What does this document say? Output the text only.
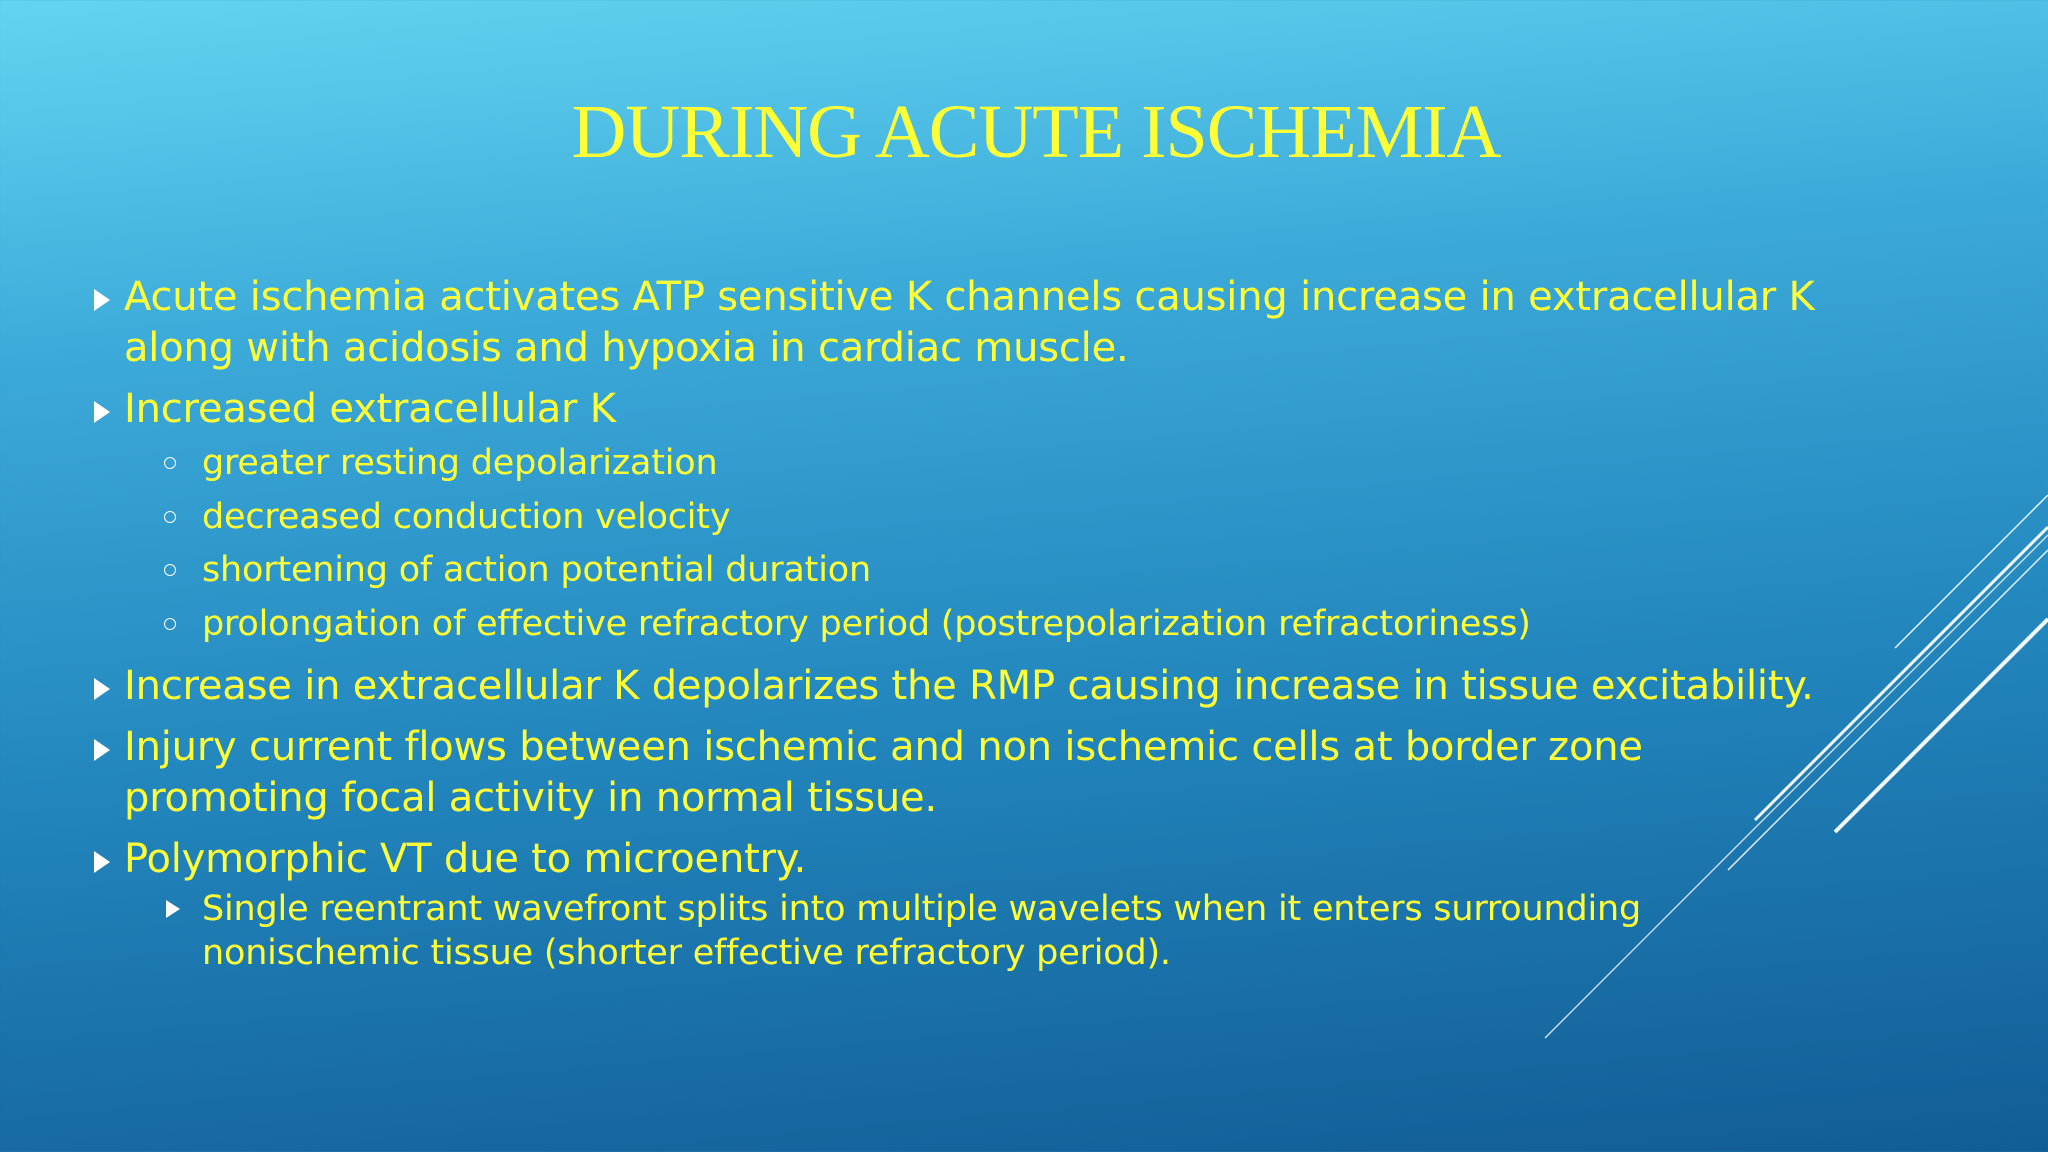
DURING ACUTE ISCHEMIA
Acute ischemia activates ATP sensitive K channels causing increase in extracellular K along with acidosis and hypoxia in cardiac muscle.
Increased extracellular K
greater resting depolarization
decreased conduction velocity
shortening of action potential duration
prolongation of effective refractory period (postrepolarization refractoriness)
Increase in extracellular K depolarizes the RMP causing increase in tissue excitability.
Injury current flows between ischemic and non ischemic cells at border zone promoting focal activity in normal tissue.
Polymorphic VT due to microentry.
Single reentrant wavefront splits into multiple wavelets when it enters surrounding nonischemic tissue (shorter effective refractory period).
